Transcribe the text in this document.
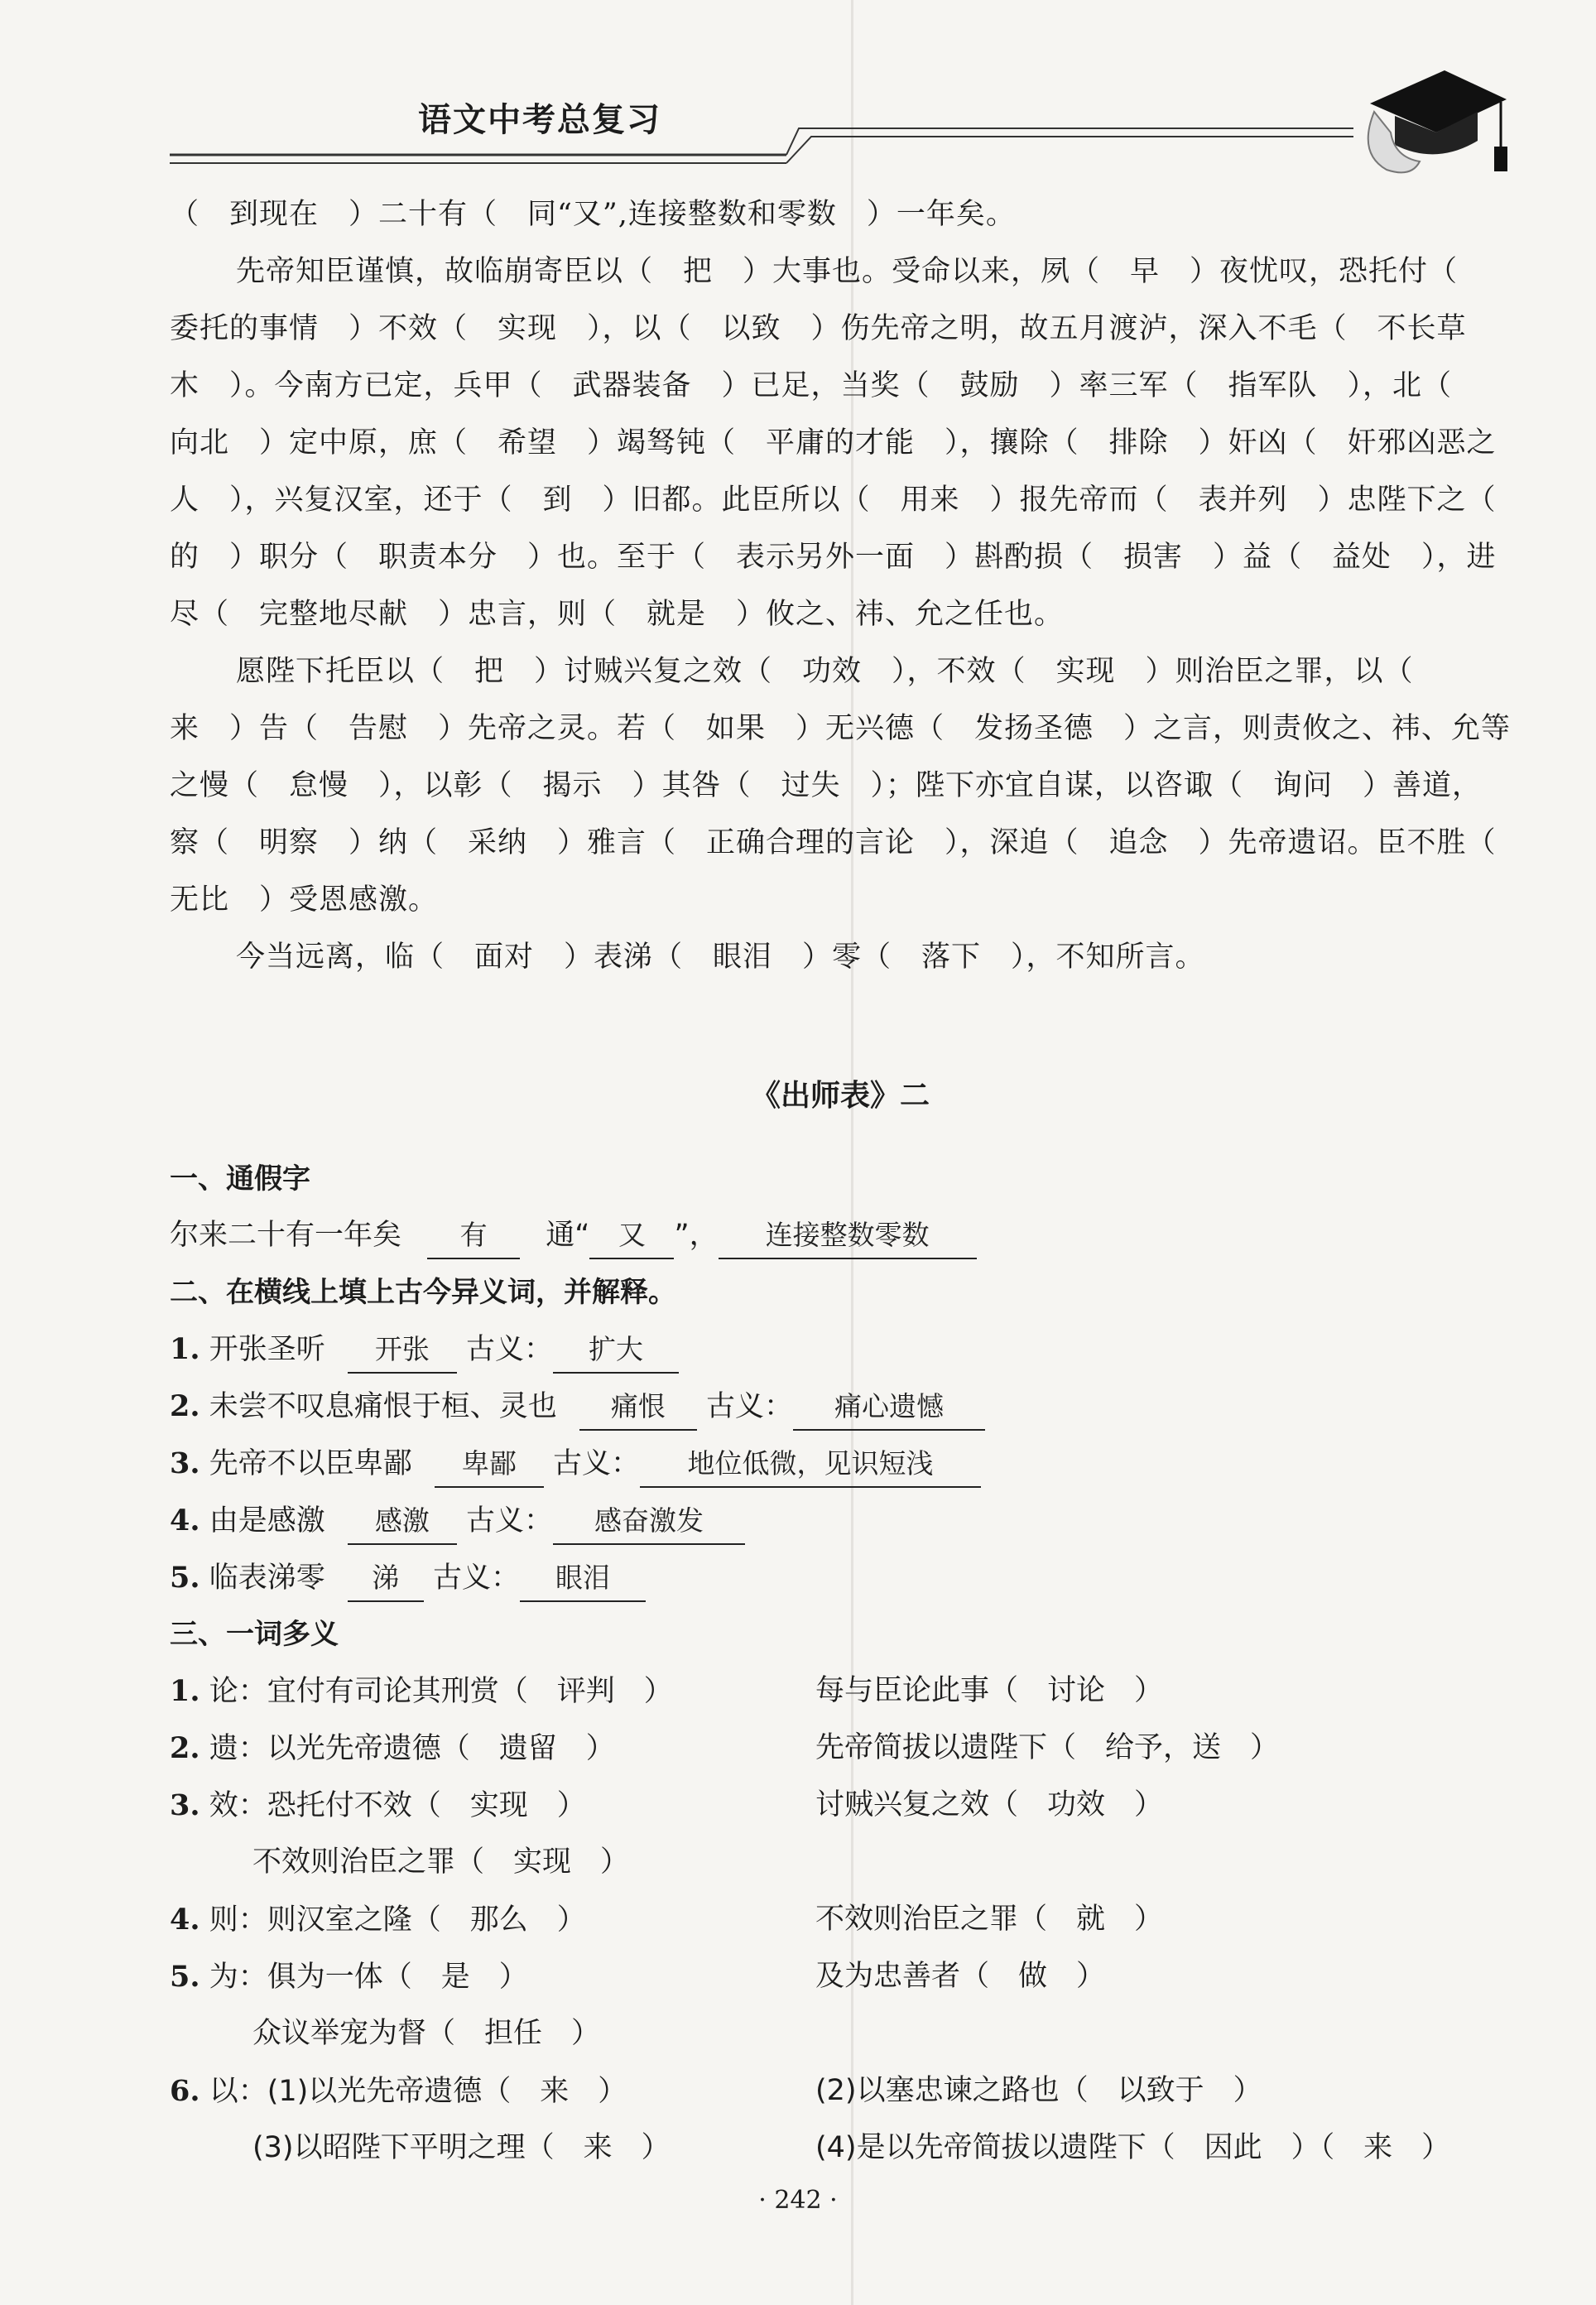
语文中考总复习

（　到现在　）二十有（　同“又”,连接整数和零数　）一年矣。

先帝知臣谨慎，故临崩寄臣以（　把　）大事也。受命以来，夙（　早　）夜忧叹，恐托付（　委托的事情　）不效（　实现　），以（　以致　）伤先帝之明，故五月渡泸，深入不毛（　不长草木　）。今南方已定，兵甲（　武器装备　）已足，当奖（　鼓励　）率三军（　指军队　），北（　向北　）定中原，庶（　希望　）竭驽钝（　平庸的才能　），攘除（　排除　）奸凶（　奸邪凶恶之人　），兴复汉室，还于（　到　）旧都。此臣所以（　用来　）报先帝而（　表并列　）忠陛下之（　的　）职分（　职责本分　）也。至于（　表示另外一面　）斟酌损（　损害　）益（　益处　），进尽（　完整地尽献　）忠言，则（　就是　）攸之、祎、允之任也。

愿陛下托臣以（　把　）讨贼兴复之效（　功效　），不效（　实现　）则治臣之罪，以（　来　）告（　告慰　）先帝之灵。若（　如果　）无兴德（　发扬圣德　）之言，则责攸之、祎、允等之慢（　怠慢　），以彰（　揭示　）其咎（　过失　）；陛下亦宜自谋，以咨诹（　询问　）善道，察（　明察　）纳（　采纳　）雅言（　正确合理的言论　），深追（　追念　）先帝遗诏。臣不胜（　无比　）受恩感激。

今当远离，临（　面对　）表涕（　眼泪　）零（　落下　），不知所言。

《出师表》二
一、通假字
尔来二十有一年矣 有 通“ 又 ”， 连接整数零数
二、在横线上填上古今异义词，并解释。
1. 开张圣听 开张 古义： 扩大
2. 未尝不叹息痛恨于桓、灵也 痛恨 古义： 痛心遗憾
3. 先帝不以臣卑鄙 卑鄙 古义： 地位低微，见识短浅
4. 由是感激 感激 古义： 感奋激发
5. 临表涕零 涕 古义： 眼泪
三、一词多义
1. 论：宜付有司论其刑赏（　评判　）	每与臣论此事（　讨论　）
2. 遗：以光先帝遗德（　遗留　）	先帝简拔以遗陛下（　给予，送　）
3. 效：恐托付不效（　实现　）	讨贼兴复之效（　功效　）
不效则治臣之罪（　实现　）
4. 则：则汉室之隆（　那么　）	不效则治臣之罪（　就　）
5. 为：俱为一体（　是　）	及为忠善者（　做　）
众议举宠为督（　担任　）
6. 以：(1)以光先帝遗德（　来　）	(2)以塞忠谏之路也（　以致于　）
(3)以昭陛下平明之理（　来　）	(4)是以先帝简拔以遗陛下（　因此　）（　来　）
· 242 ·
